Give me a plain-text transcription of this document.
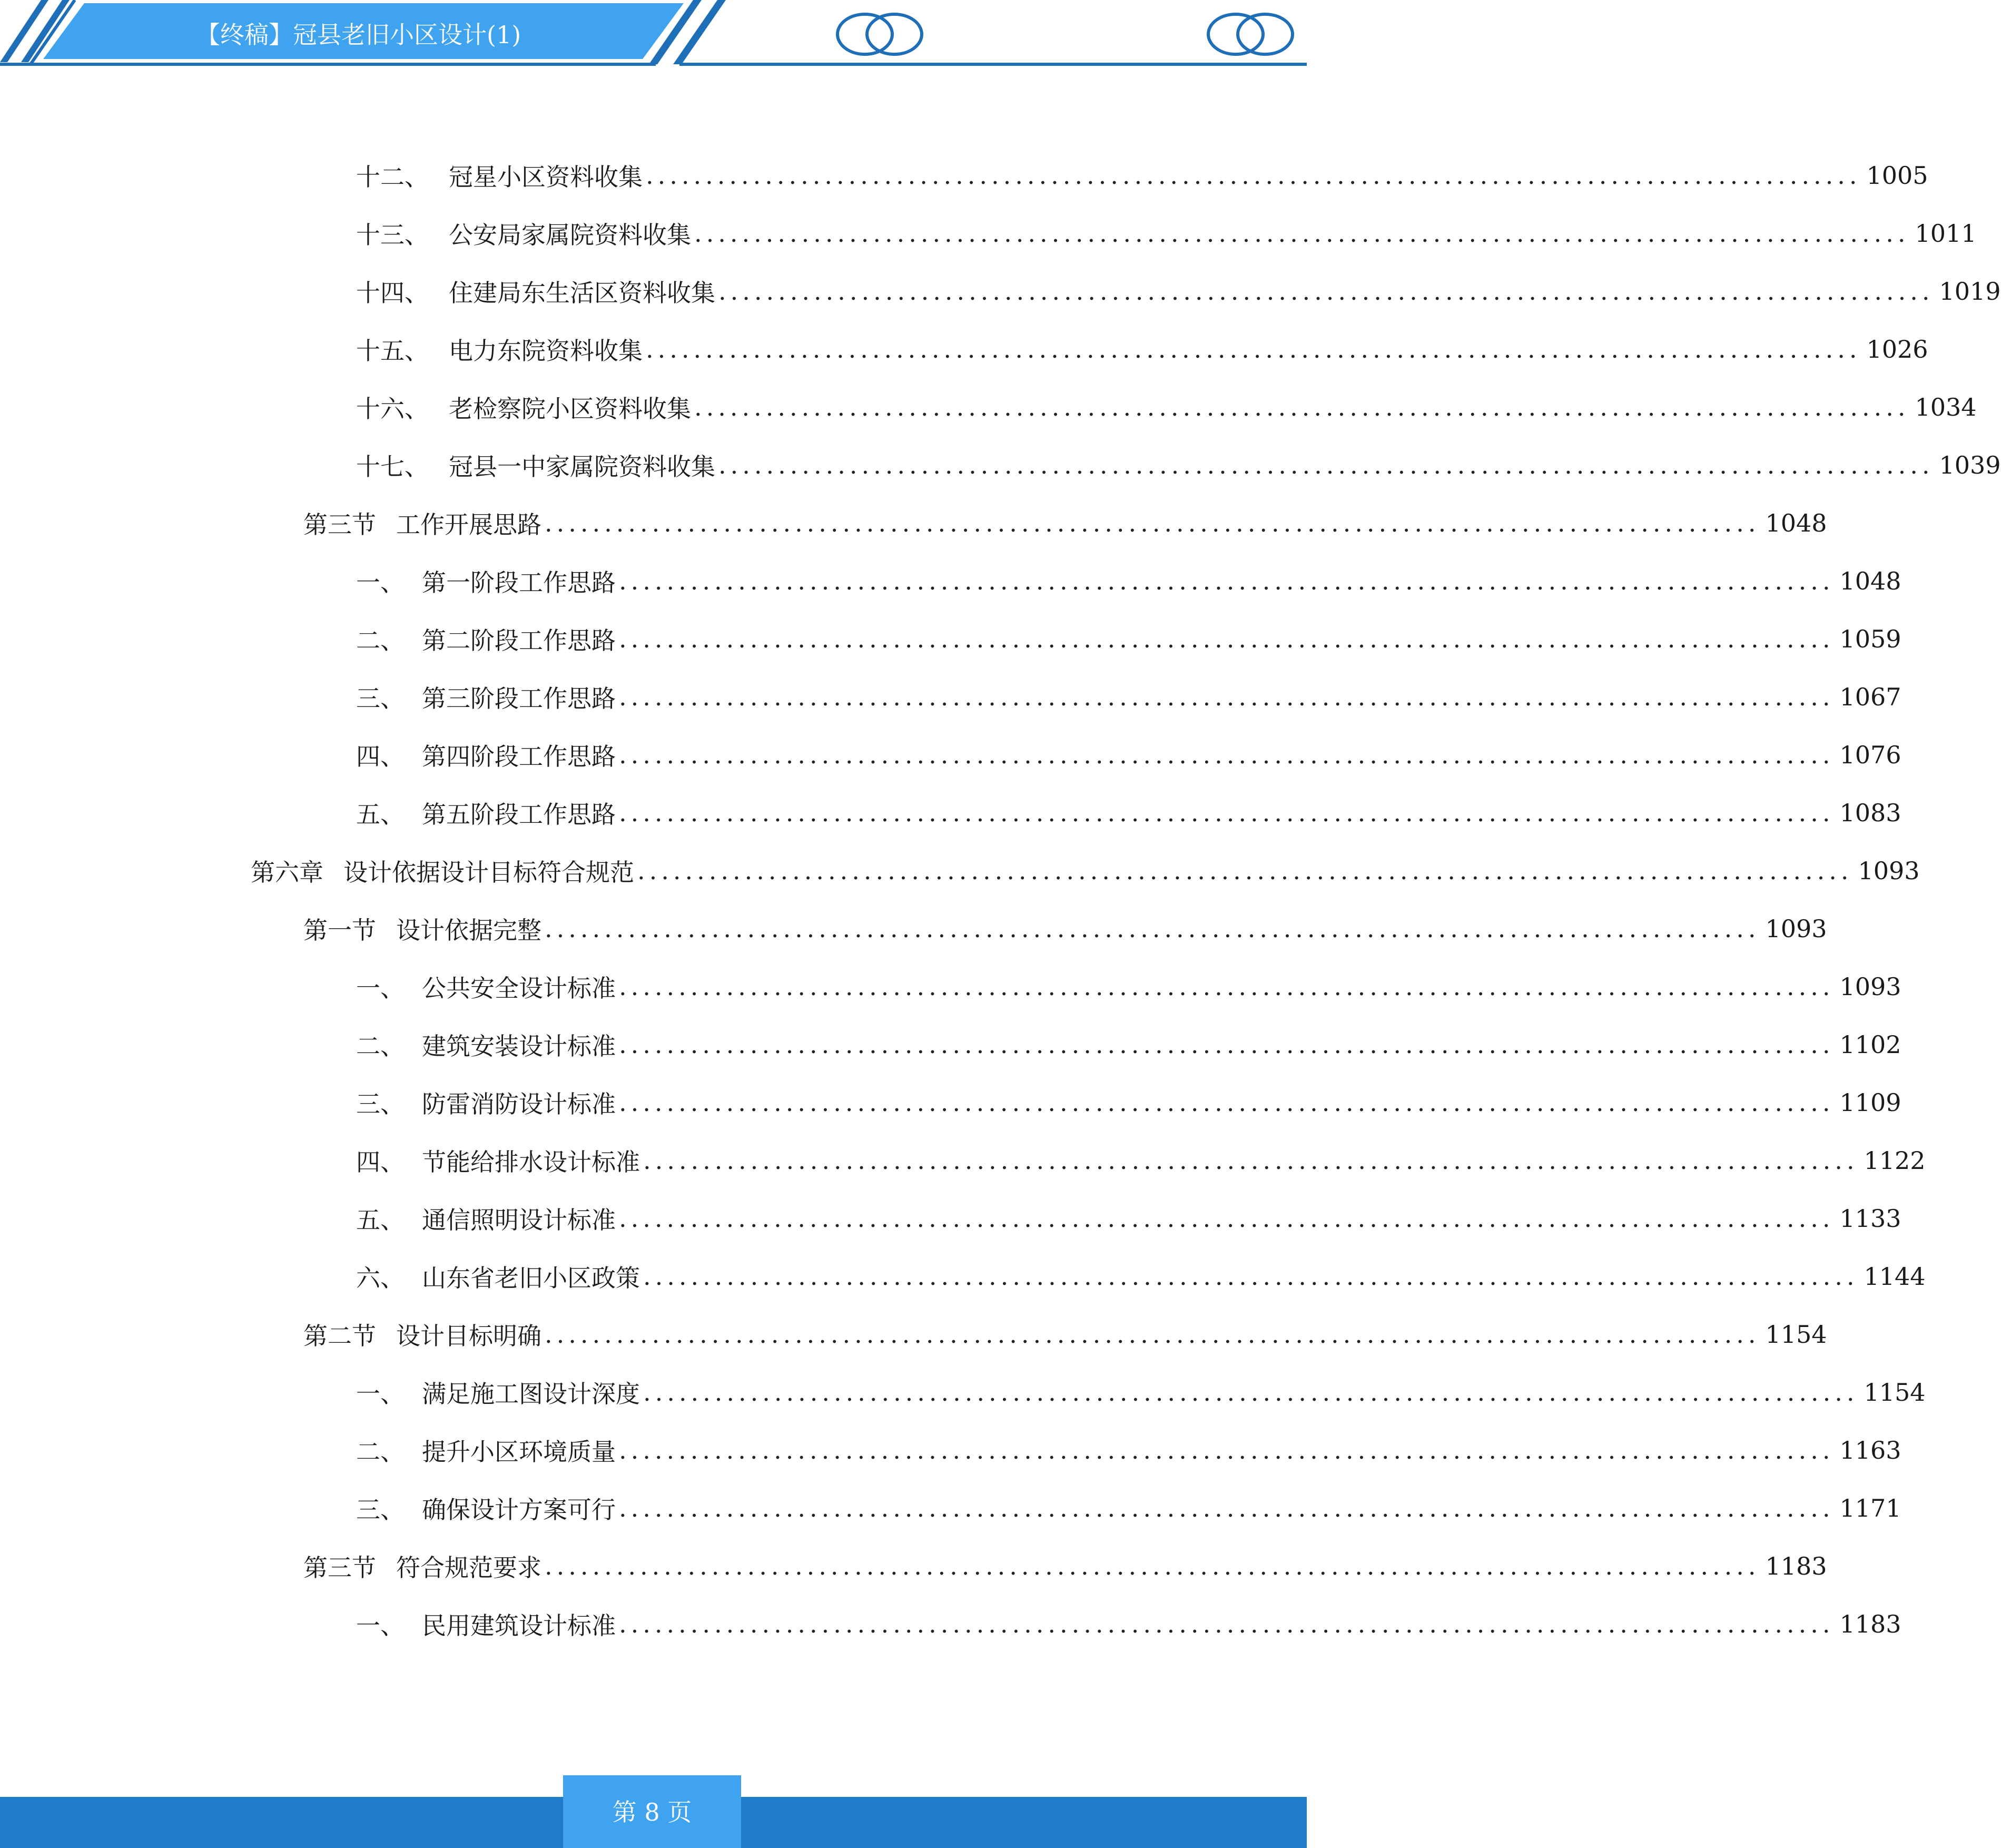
【终稿】冠县老旧小区设计(1)
十二、 冠星小区资料收集 ...................................................................................................... 1005
十三、 公安局家属院资料收集 ...................................................................................................... 1011
十四、 住建局东生活区资料收集 ...................................................................................................... 1019
十五、 电力东院资料收集 ...................................................................................................... 1026
十六、 老检察院小区资料收集 ...................................................................................................... 1034
十七、 冠县一中家属院资料收集 ...................................................................................................... 1039
第三节 工作开展思路 ...................................................................................................... 1048
一、 第一阶段工作思路 ...................................................................................................... 1048
二、 第二阶段工作思路 ...................................................................................................... 1059
三、 第三阶段工作思路 ...................................................................................................... 1067
四、 第四阶段工作思路 ...................................................................................................... 1076
五、 第五阶段工作思路 ...................................................................................................... 1083
第六章 设计依据设计目标符合规范 ...................................................................................................... 1093
第一节 设计依据完整 ...................................................................................................... 1093
一、 公共安全设计标准 ...................................................................................................... 1093
二、 建筑安装设计标准 ...................................................................................................... 1102
三、 防雷消防设计标准 ...................................................................................................... 1109
四、 节能给排水设计标准 ...................................................................................................... 1122
五、 通信照明设计标准 ...................................................................................................... 1133
六、 山东省老旧小区政策 ...................................................................................................... 1144
第二节 设计目标明确 ...................................................................................................... 1154
一、 满足施工图设计深度 ...................................................................................................... 1154
二、 提升小区环境质量 ...................................................................................................... 1163
三、 确保设计方案可行 ...................................................................................................... 1171
第三节 符合规范要求 ...................................................................................................... 1183
一、 民用建筑设计标准 ...................................................................................................... 1183
第 8 页
